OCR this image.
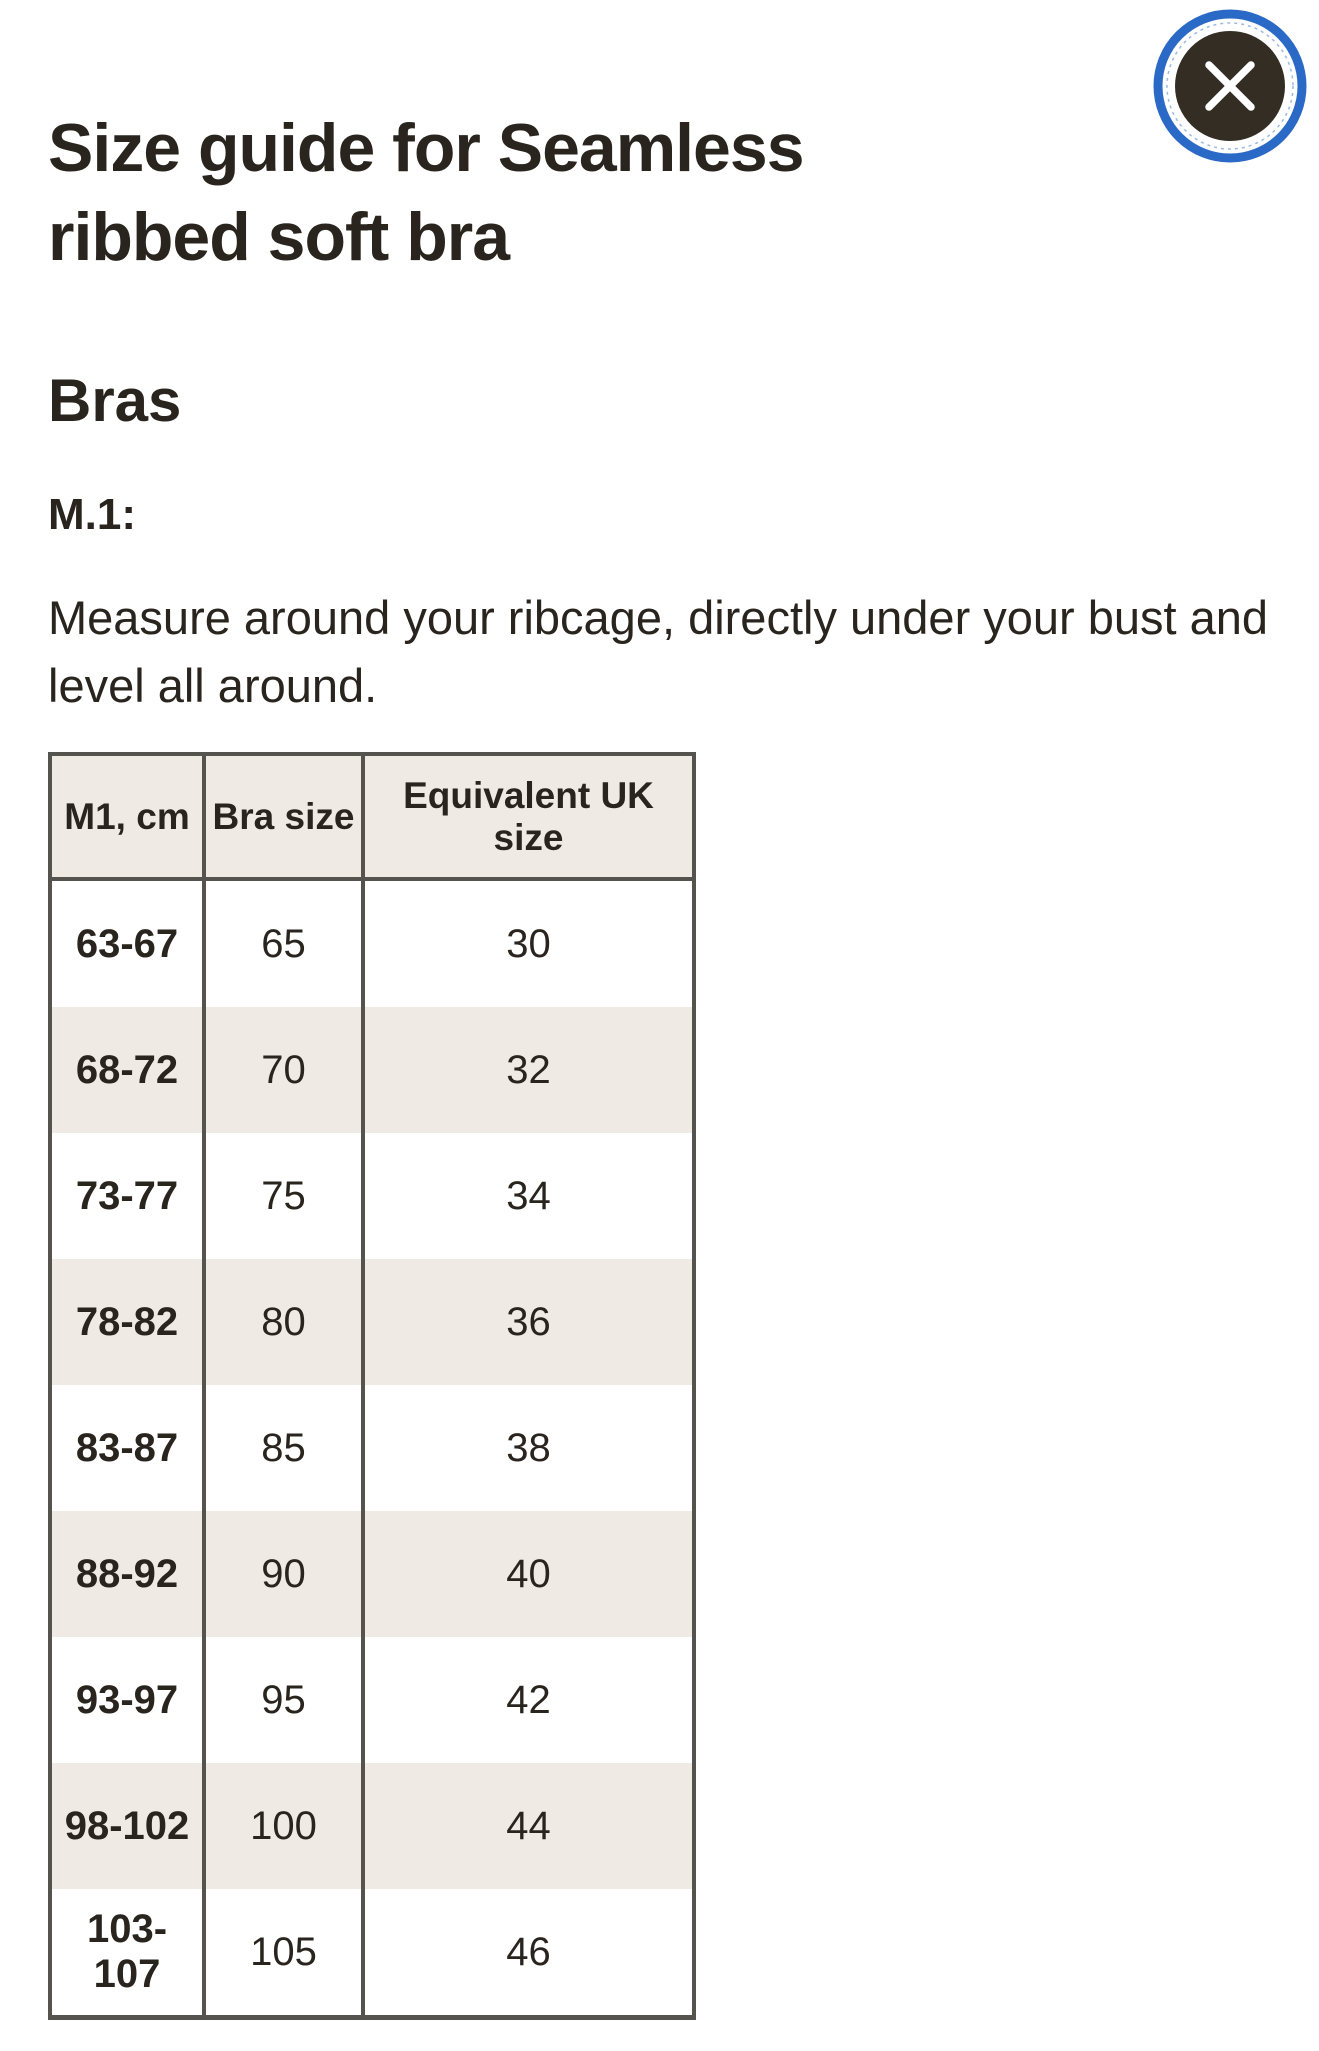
Size guide for Seamless ribbed soft bra
Bras
M.1:

Measure around your ribcage, directly under your bust and level all around.

M1, cm	Bra size	Equivalent UK size
63-67	65	30
68-72	70	32
73-77	75	34
78-82	80	36
83-87	85	38
88-92	90	40
93-97	95	42
98-102	100	44
103-107	105	46
